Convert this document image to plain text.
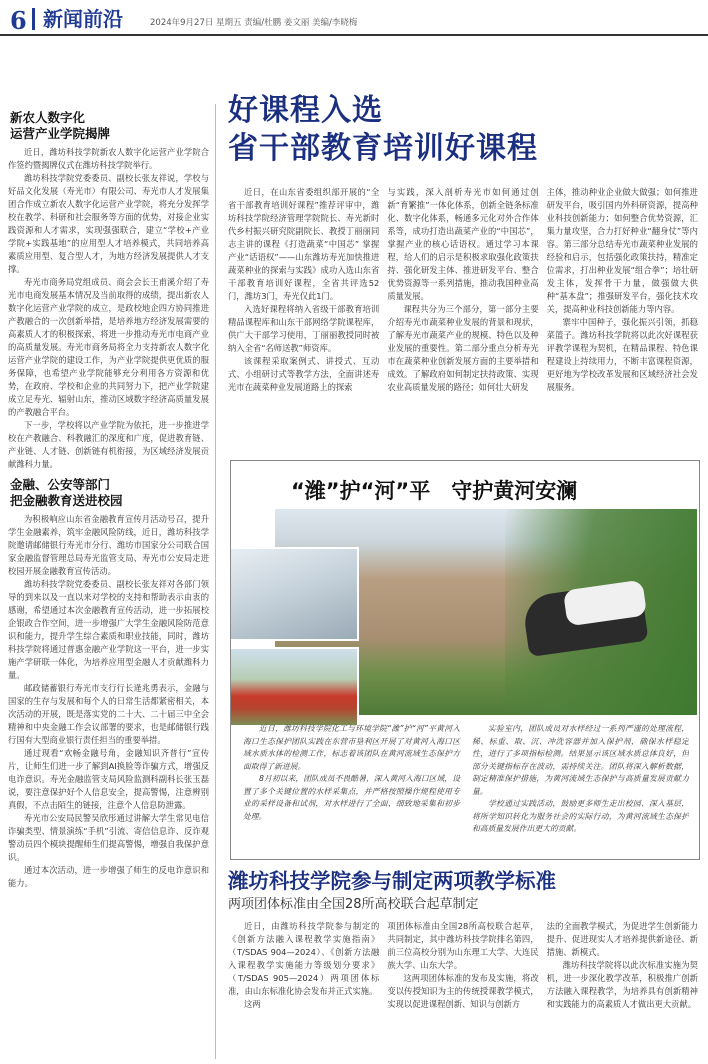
6 新闻前沿	2024年9月27日 星期五 责编/杜鹏 姜文丽 美编/李晓梅
新农人数字化
运营产业学院揭牌

近日，潍坊科技学院新农人数字化运营产业学院合作签约暨揭牌仪式在潍坊科技学院举行。

潍坊科技学院党委委员、副校长张友祥说，学校与好品文化发展（寿光市）有限公司、寿光市人才发展集团合作成立新农人数字化运营产业学院，将充分发挥学校在教学、科研和社会服务等方面的优势，对接企业实践资源和人才需求，实现强强联合，建立“学校+产业学院+实践基地”的应用型人才培养模式，共同培养高素质应用型、复合型人才，为地方经济发展提供人才支撑。

寿光市商务局党组成员、商会会长王甫溪介绍了寿光市电商发展基本情况及当前取得的成绩，提出新农人数字化运营产业学院的成立，是政校地企四方协同推进产教融合的一次创新举措，是培养地方经济发展需要的高素质人才的积极探索，将进一步推动寿光市电商产业的高质量发展。寿光市商务局将全力支持新农人数字化运营产业学院的建设工作，为产业学院提供更优质的服务保障，也希望产业学院能够充分利用各方资源和优势，在政府、学校和企业的共同努力下，把产业学院建成立足寿光、辐射山东，推动区域数字经济高质量发展的产教融合平台。

下一步，学校将以产业学院为依托，进一步推进学校在产教融合、科教融汇的深度和广度，促进教育链、产业链、人才链、创新链有机衔接，为区域经济发展贡献潍科力量。

金融、公安等部门
把金融教育送进校园

为积极响应山东省金融教育宣传月活动号召，提升学生金融素养，筑牢金融风险防线，近日，潍坊科技学院邀请邮储银行寿光市分行、潍坊市国家分公司联合国家金融监督管理总局寿光监管支局、寿光市公安局走进校园开展金融教育宣传活动。

潍坊科技学院党委委员、副校长张友祥对各部门领导的到来以及一直以来对学校的支持和帮助表示由衷的感谢，希望通过本次金融教育宣传活动，进一步拓展校企银政合作空间，进一步增强广大学生金融风险防范意识和能力，提升学生综合素质和职业技能，同时，潍坊科技学院将通过普惠金融产业学院这一平台，进一步实施产学研联一体化，为培养应用型金融人才贡献潍科力量。

邮政储蓄银行寿光市支行行长逄兆勇表示，金融与国家的生存与发展和每个人的日常生活都紧密相关，本次活动的开展，既是落实党的二十大、二十届三中全会精神和中央金融工作会议部署的要求，也是邮储银行践行国有大型商业银行责任担当的重要举措。

通过现看“欢畅金融号角，金融知识齐普行”宣传片，让师生们进一步了解到AI换脸等诈骗方式，增强反电诈意识。寿光金融监管支局风险监测科副科长张玉磊说，要注意保护好个人信息安全，提高警惕，注意辨别真假，不点击陌生的链接，注意个人信息防泄露。

寿光市公安局民警吴欣彤通过讲解大学生常见电信诈骗类型、情景演练“手机”引流、寄信信息诈、反诈观警动员四个模块提醒师生们提高警惕，增强自我保护意识。

通过本次活动，进一步增强了师生的反电诈意识和能力。

好课程入选
省干部教育培训好课程

近日，在山东省委组织部开展的“全省干部教育培训好课程”推荐评审中，潍坊科技学院经济管理学院院长、寿光新时代乡村振兴研究院副院长、教授丁丽丽同志主讲的课程《打造蔬菜“中国芯” 掌握产业“话语权”——山东潍坊寿光加快推进蔬菜种业的探索与实践》成功入选山东省干部教育培训好课程，全省共评选52门，潍坊3门，寿光仅此1门。

入选好课程将纳入省级干部教育培训精品课程库和山东干部网络学院课程库，供广大干部学习使用，丁丽丽教授同时被纳入全省“名师送教”师资库。

该课程采取案例式、讲授式、互动式、小组研讨式等教学方法，全面讲述寿光市在蔬菜种业发展道路上的探索

与实践，深入剖析寿光市如何通过创新“育繁推”一体化体系，创新全链条标准化、数字化体系，畅通多元化对外合作体系等，成功打造出蔬菜产业的“中国芯”，掌握产业的核心话语权。通过学习本课程，给人们的启示是积极求取强化政策扶持、强化研发主体、推进研发平台、整合优势资源等一系列措施，推动我国种业高质量发展。

课程共分为三个部分，第一部分主要介绍寿光市蔬菜种业发展的背景和现状，了解寿光市蔬菜产业的规模、特色以及种业发展的重要性。第二部分重点分析寿光市在蔬菜种业创新发展方面的主要举措和成效。了解政府如何制定扶持政策、实现农业高质量发展的路径；如何壮大研发

主体，推动种业企业做大做强；如何推进研发平台，吸引国内外科研资源，提高种业科技创新能力；如何整合优势资源，汇集力量攻坚，合力打好种业“翻身仗”等内容。第三部分总结寿光市蔬菜种业发展的经验和启示，包括强化政策扶持，精准定位需求，打出种业发展“组合拳”；培壮研发主体，发挥骨干力量，做强做大供种“基本盘”；推强研发平台，强化技术攻关，提高种业科技创新能力等内容。

寨牢中国种子，强化振兴引领，抓稳菜篮子。潍坊科技学院将以此次好课程获评教学课程为契机，在精品课程、特色课程建设上持续用力，不断丰富课程资源，更好地为学校改革发展和区域经济社会发展服务。

“潍”护“河”平　守护黄河安澜

近日，潍坊科技学院化工与环境学院“潍”护“河”平黄河入海口生态保护团队实践在东营市垦利区开展了对黄河入海口区域水质水体的检测工作，标志着该团队在黄河流域生态保护方面取得了新进展。

8月初以来，团队成员不畏酷暑，深入黄河入海口区域，设置了多个关键位置的水样采集点，并严格按照操作规程使用专业的采样设备和试剂，对水样进行了全面、细致地采集和初步处理。

实验室内，团队成员对水样经过一系列严谨的处理流程，稀、标重、取、沉、冲洗容器并加入保护剂，确保水样稳定性，进行了多项指标检测。结果显示该区域水质总体良好，但部分关键指标存在波动，需持续关注。团队将深入解析数据，制定精准保护措施，为黄河流域生态保护与高质量发展贡献力量。

学校通过实践活动，鼓励更多师生走出校园、深入基层，将所学知识转化为服务社会的实际行动，为黄河流域生态保护和高质量发展作出更大的贡献。

潍坊科技学院参与制定两项教学标准
两项团体标准由全国28所高校联合起草制定

近日，由潍坊科技学院参与制定的《创新方法融入课程教学实施指南》（T/SDAS 904—2024）、《创新方法融入课程教学实施能力等级划分要求》（T/SDAS 905—2024）两项团体标准，由山东标准化协会发布并正式实施。

这两

项团体标准由全国28所高校联合起草，共同制定，其中潍坊科技学院排名第四，前三位高校分别为山东理工大学、大连民族大学、山东大学。

这两项团体标准的发布及实施，将改变以传授知识为主的传统授课教学模式，实现以促进课程创新、知识与创新方

法的全面教学模式，为促进学生创新能力提升、促进现实人才培养提供新途径、新措施、新模式。

潍坊科技学院将以此次标准实施为契机，进一步深化教学改革，积极推广创新方法融入课程教学，为培养具有创新精神和实践能力的高素质人才做出更大贡献。
